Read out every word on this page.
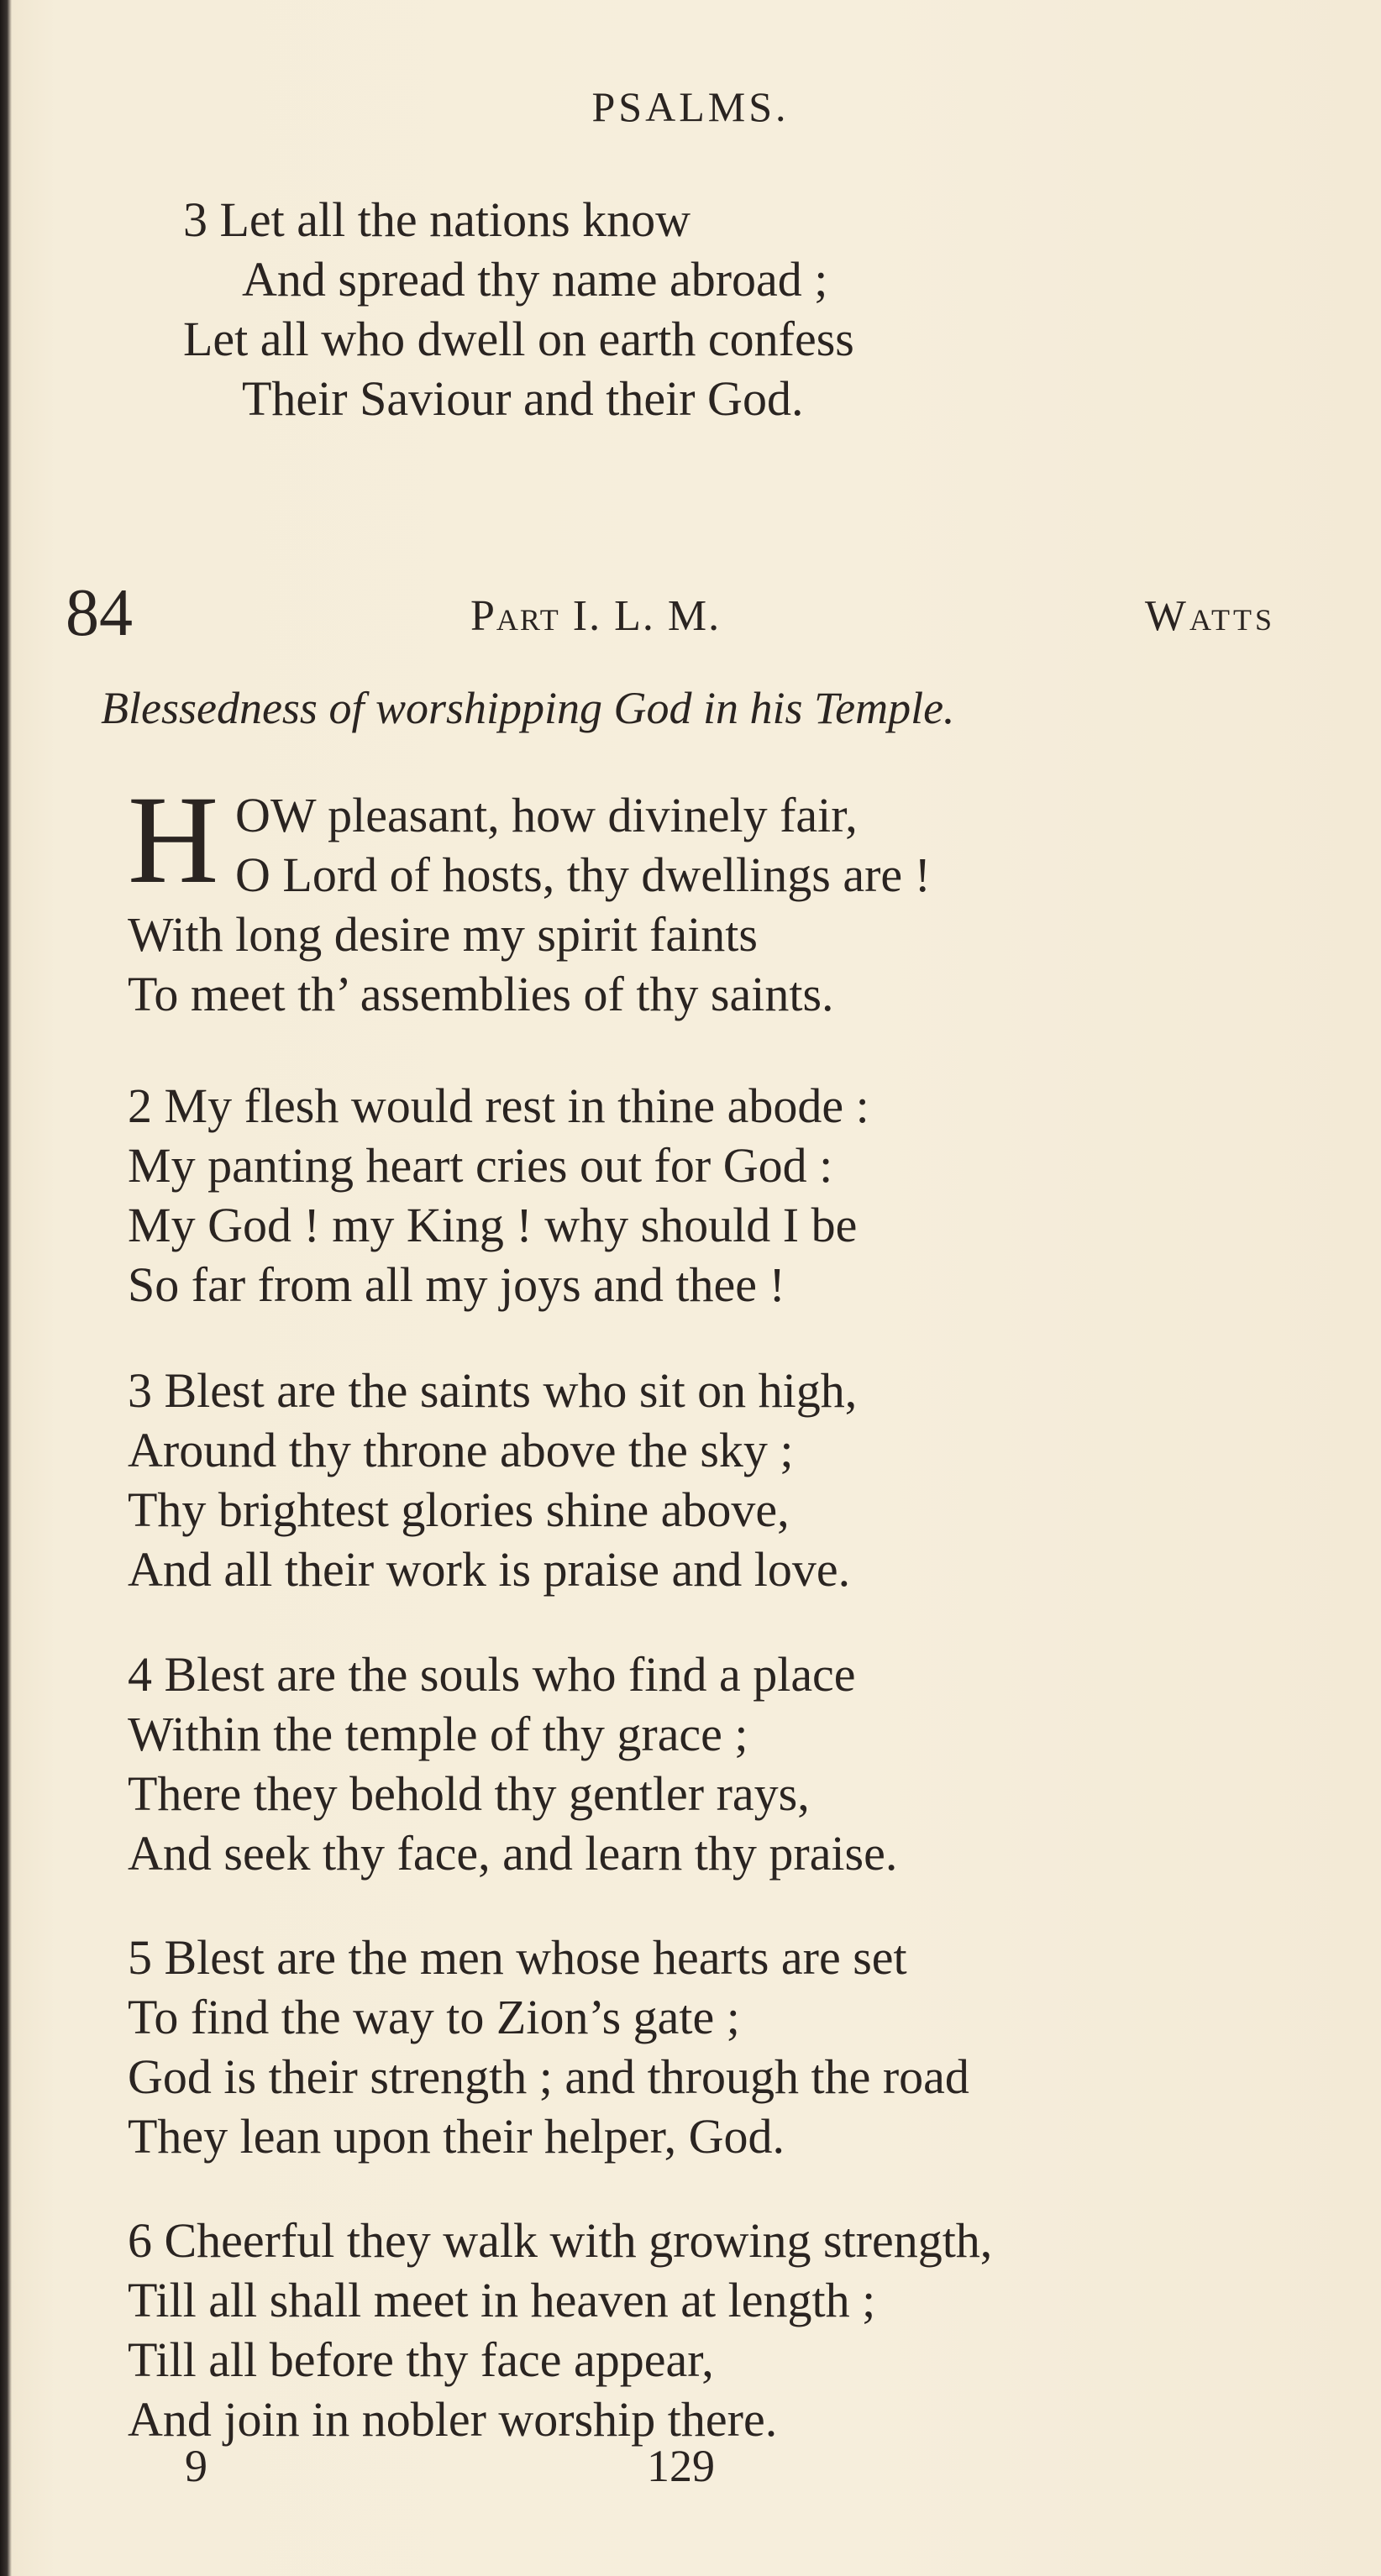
PSALMS.
3 Let all the nations know
And spread thy name abroad ;
Let all who dwell on earth confess
Their Saviour and their God.
84	Part I. L. M.	Watts
Blessedness of worshipping God in his Temple.
H OW pleasant, how divinely fair,
O Lord of hosts, thy dwellings are !
With long desire my spirit faints
To meet th’ assemblies of thy saints.
2 My flesh would rest in thine abode :
My panting heart cries out for God :
My God ! my King ! why should I be
So far from all my joys and thee !
3 Blest are the saints who sit on high,
Around thy throne above the sky ;
Thy brightest glories shine above,
And all their work is praise and love.
4 Blest are the souls who find a place
Within the temple of thy grace ;
There they behold thy gentler rays,
And seek thy face, and learn thy praise.
5 Blest are the men whose hearts are set
To find the way to Zion’s gate ;
God is their strength ; and through the road
They lean upon their helper, God.
6 Cheerful they walk with growing strength,
Till all shall meet in heaven at length ;
Till all before thy face appear,
And join in nobler worship there.
9	129
